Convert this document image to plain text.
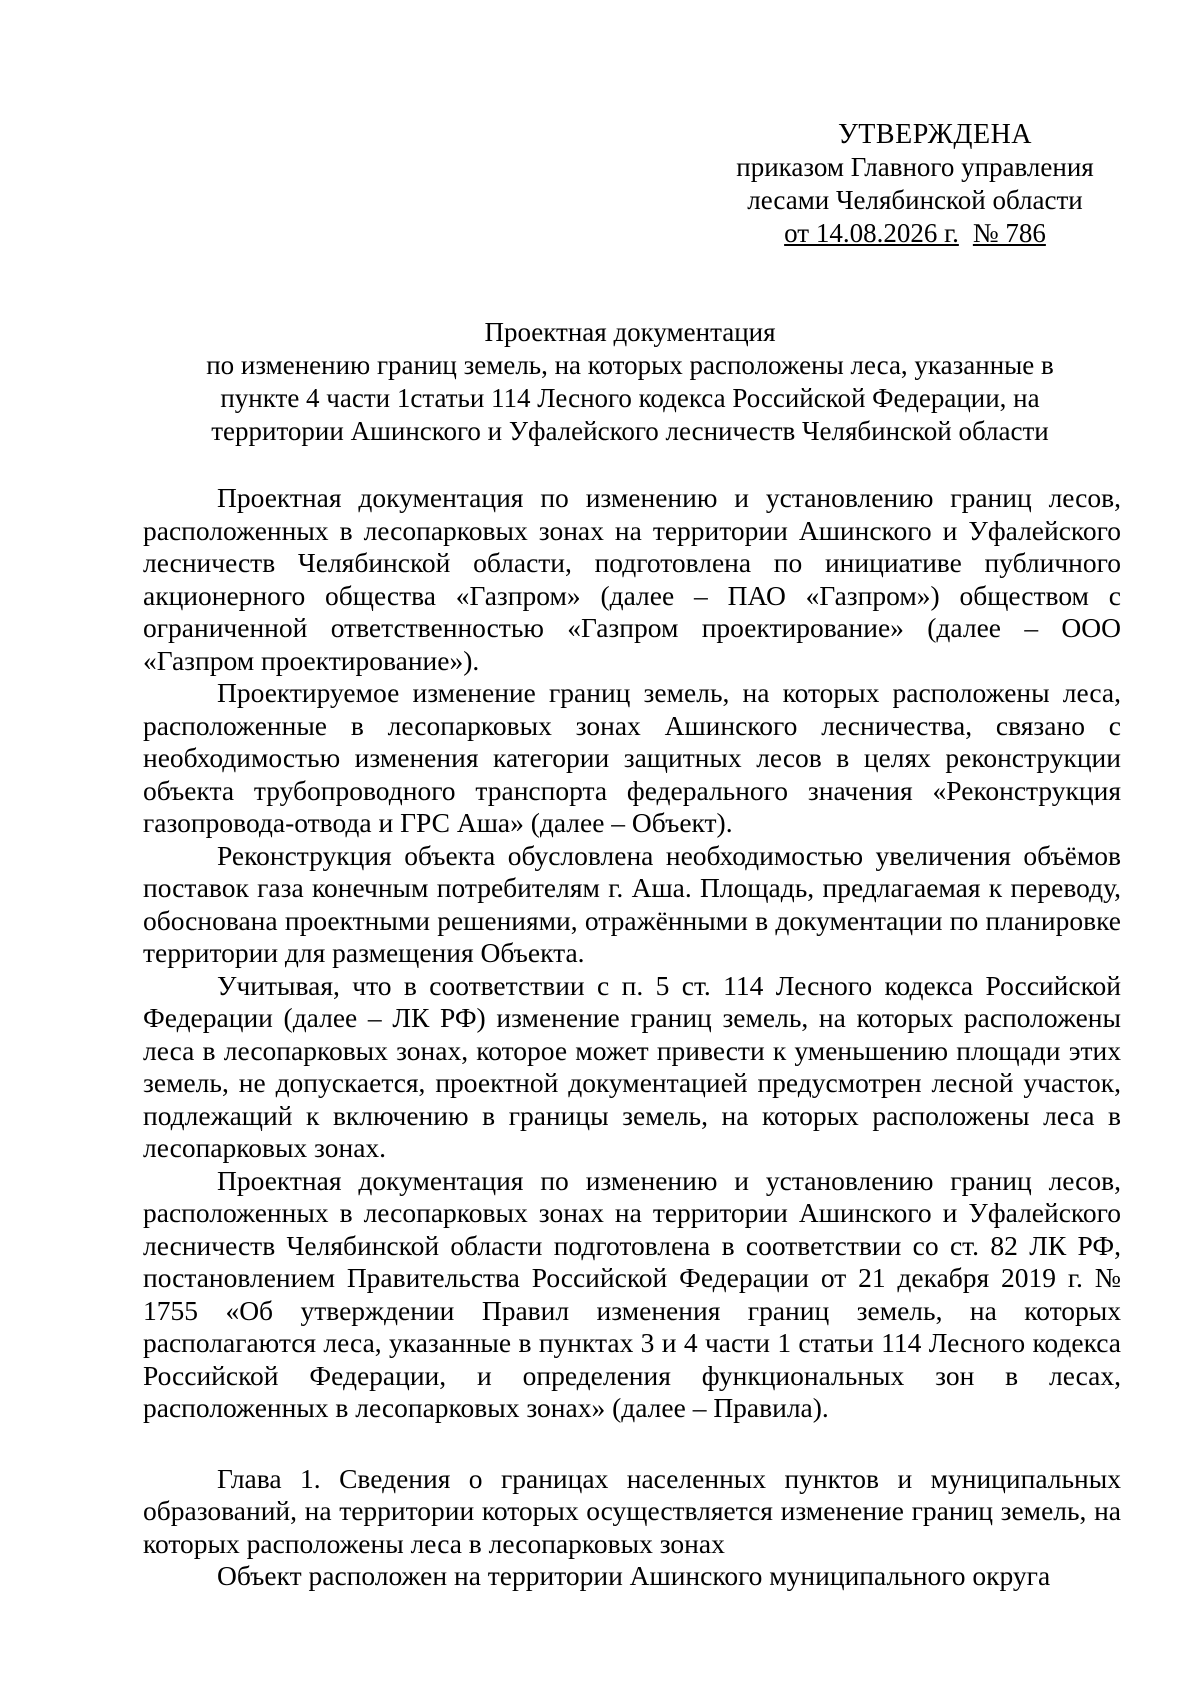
УТВЕРЖДЕНА
приказом Главного управления
лесами Челябинской области
от 14.08.2026 г. № 786
Проектная документация
по изменению границ земель, на которых расположены леса, указанные в
пункте 4 части 1статьи 114 Лесного кодекса Российской Федерации, на
территории Ашинского и Уфалейского лесничеств Челябинской области

Проектная документация по изменению и установлению границ лесов, расположенных в лесопарковых зонах на территории Ашинского и Уфалейского лесничеств Челябинской области, подготовлена по инициативе публичного акционерного общества «Газпром» (далее – ПАО «Газпром») обществом с ограниченной ответственностью «Газпром проектирование» (далее – ООО «Газпром проектирование»).

Проектируемое изменение границ земель, на которых расположены леса, расположенные в лесопарковых зонах Ашинского лесничества, связано с необходимостью изменения категории защитных лесов в целях реконструкции объекта трубопроводного транспорта федерального значения «Реконструкция газопровода-отвода и ГРС Аша» (далее – Объект).

Реконструкция объекта обусловлена необходимостью увеличения объёмов поставок газа конечным потребителям г. Аша. Площадь, предлагаемая к переводу, обоснована проектными решениями, отражёнными в документации по планировке территории для размещения Объекта.

Учитывая, что в соответствии с п. 5 ст. 114 Лесного кодекса Российской Федерации (далее – ЛК РФ) изменение границ земель, на которых расположены леса в лесопарковых зонах, которое может привести к уменьшению площади этих земель, не допускается, проектной документацией предусмотрен лесной участок, подлежащий к включению в границы земель, на которых расположены леса в лесопарковых зонах.

Проектная документация по изменению и установлению границ лесов, расположенных в лесопарковых зонах на территории Ашинского и Уфалейского лесничеств Челябинской области подготовлена в соответствии со ст. 82 ЛК РФ, постановлением Правительства Российской Федерации от 21 декабря 2019 г. № 1755 «Об утверждении Правил изменения границ земель, на которых располагаются леса, указанные в пунктах 3 и 4 части 1 статьи 114 Лесного кодекса Российской Федерации, и определения функциональных зон в лесах, расположенных в лесопарковых зонах» (далее – Правила).

Глава 1. Сведения о границах населенных пунктов и муниципальных образований, на территории которых осуществляется изменение границ земель, на которых расположены леса в лесопарковых зонах

Объект расположен на территории Ашинского муниципального округа
